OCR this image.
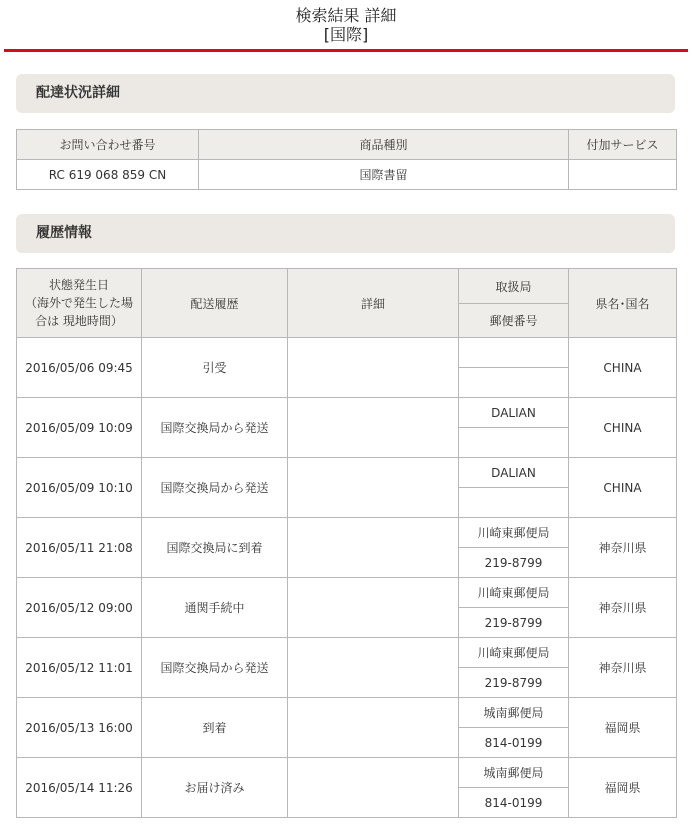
検索結果 詳細
[国際]
配達状況詳細
お問い合わせ番号	商品種別	付加サービス
RC 619 068 859 CN	国際書留	
履歴情報
状態発生日
（海外で発生した場
合は 現地時間）	配送履歴	詳細	取扱局	県名･国名
			郵便番号	
2016/05/06 09:45	引受			CHINA

2016/05/09 10:09	国際交換局から発送		DALIAN	CHINA

2016/05/09 10:10	国際交換局から発送		DALIAN	CHINA

2016/05/11 21:08	国際交換局に到着		川崎東郵便局	神奈川県
			219-8799	
2016/05/12 09:00	通関手続中		川崎東郵便局	神奈川県
			219-8799	
2016/05/12 11:01	国際交換局から発送		川崎東郵便局	神奈川県
			219-8799	
2016/05/13 16:00	到着		城南郵便局	福岡県
			814-0199	
2016/05/14 11:26	お届け済み		城南郵便局	福岡県
			814-0199	
